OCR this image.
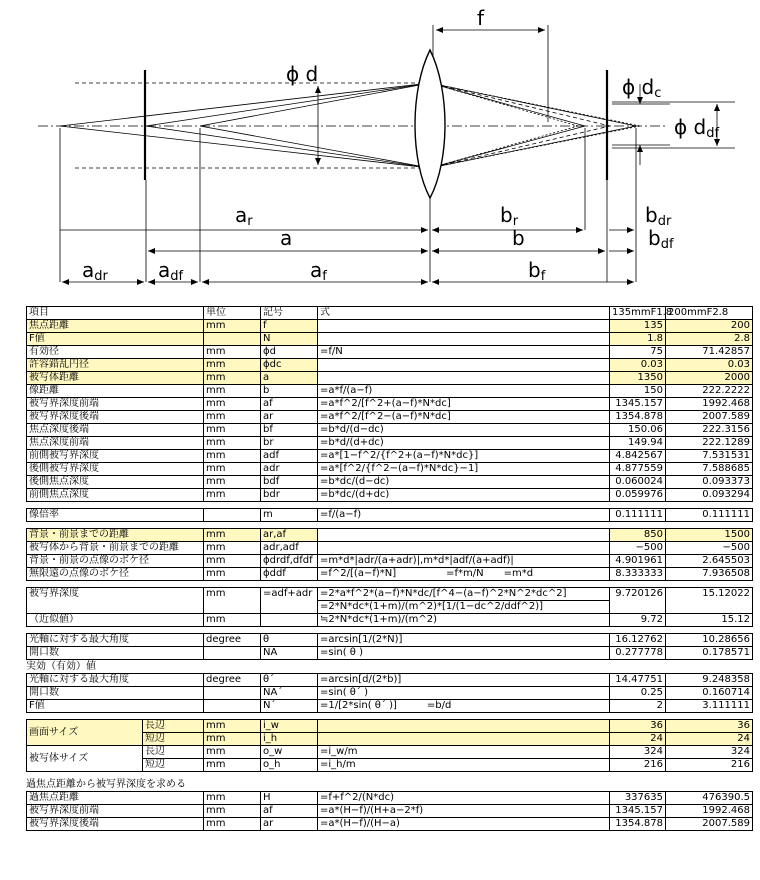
f
ϕ d
ϕ dc
ϕ ddf
ar
a
br
b
bdr
bdf
adr	adf	af	bf
項目	単位	記号	式	135mmF1.8	200mmF2.8
焦点距離	mm	f		135	200
F値		N		1.8	2.8
有効径	mm	ϕd	=f/N	75	71.42857
許容錯乱円径	mm	ϕdc		0.03	0.03
被写体距離	mm	a		1350	2000
像距離	mm	b	=a*f/(a−f)	150	222.2222
被写界深度前端	mm	af	=a*f^2/[f^2+(a−f)*N*dc]	1345.157	1992.468
被写界深度後端	mm	ar	=a*f^2/[f^2−(a−f)*N*dc]	1354.878	2007.589
焦点深度後端	mm	bf	=b*d/(d−dc)	150.06	222.3156
焦点深度前端	mm	br	=b*d/(d+dc)	149.94	222.1289
前側被写界深度	mm	adf	=a*[1−f^2/{f^2+(a−f)*N*dc}]	4.842567	7.531531
後側被写界深度	mm	adr	=a*[f^2/{f^2−(a−f)*N*dc}−1]	4.877559	7.588685
後側焦点深度	mm	bdf	=b*dc/(d−dc)	0.060024	0.093373
前側焦点深度	mm	bdr	=b*dc/(d+dc)	0.059976	0.093294
像倍率		m	=f/(a−f)	0.111111	0.111111
背景・前景までの距離	mm	ar,af		850	1500
被写体から背景・前景までの距離	mm	adr,adf		−500	−500
背景・前景の点像のボケ径	mm	ϕdrdf,dfdf	=m*d*|adr/(a+adr)|,m*d*|adf/(a+adf)|	4.901961	2.645503
無限遠の点像のボケ径	mm	ϕddf	=f^2/[(a−f)*N]　　　　　=f*m/N　　=m*d	8.333333	7.936508
被写界深度	mm	=adf+adr	=2*a*f^2*(a−f)*N*dc/[f^4−(a−f)^2*N^2*dc^2]	9.720126	15.12022
			=2*N*dc*(1+m)/(m^2)*[1/(1−dc^2/ddf^2)]		
（近似値）	mm		≒2*N*dc*(1+m)/(m^2)	9.72	15.12
光軸に対する最大角度	degree	θ	=arcsin[1/(2*N)]	16.12762	10.28656
開口数		NA	=sin( θ )	0.277778	0.178571
実効（有効）値
光軸に対する最大角度	degree	θ´	=arcsin[d/(2*b)]	14.47751	9.248358
開口数		NA´	=sin( θ´ )	0.25	0.160714
F値		N´	=1/[2*sin( θ´ )]　　　=b/d	2	3.111111
画面サイズ	長辺	mm	i_w		36	36
	短辺	mm	i_h		24	24
被写体サイズ	長辺	mm	o_w	=i_w/m	324	324
	短辺	mm	o_h	=i_h/m	216	216
過焦点距離から被写界深度を求める
過焦点距離	mm	H	=f+f^2/(N*dc)	337635	476390.5
被写界深度前端	mm	af	=a*(H−f)/(H+a−2*f)	1345.157	1992.468
被写界深度後端	mm	ar	=a*(H−f)/(H−a)	1354.878	2007.589
